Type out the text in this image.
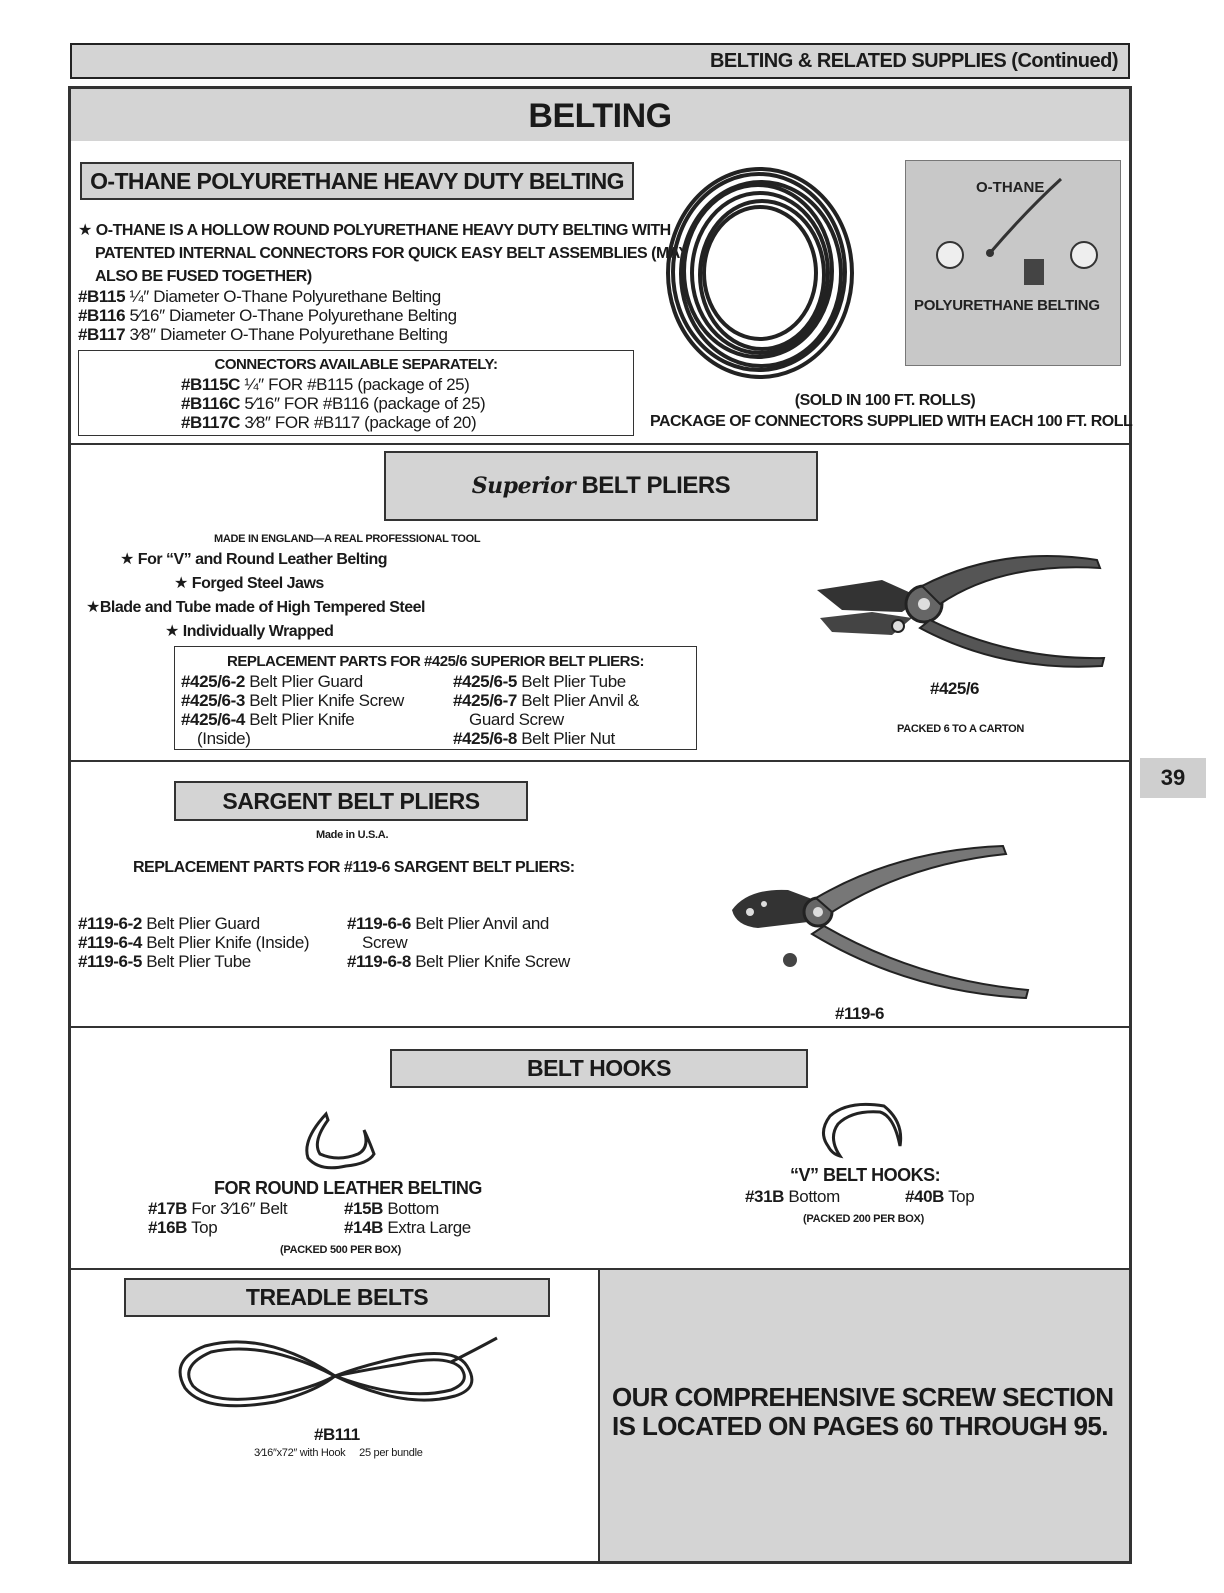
BELTING & RELATED SUPPLIES (Continued)
39
BELTING
O-THANE POLYURETHANE HEAVY DUTY BELTING
★ O-THANE IS A HOLLOW ROUND POLYURETHANE HEAVY DUTY BELTING WITH
PATENTED INTERNAL CONNECTORS FOR QUICK EASY BELT ASSEMBLIES (MAY
ALSO BE FUSED TOGETHER)
#B115 ¼″ Diameter O-Thane Polyurethane Belting
#B116 5⁄16″ Diameter O-Thane Polyurethane Belting
#B117 3⁄8″ Diameter O-Thane Polyurethane Belting
CONNECTORS AVAILABLE SEPARATELY:
#B115C ¼″ FOR #B115 (package of 25)
#B116C 5⁄16″ FOR #B116 (package of 25)
#B117C 3⁄8″ FOR #B117 (package of 20)
O-THANE
POLYURETHANE BELTING
(SOLD IN 100 FT. ROLLS)
PACKAGE OF CONNECTORS SUPPLIED WITH EACH 100 FT. ROLL
Superior BELT PLIERS
MADE IN ENGLAND—A REAL PROFESSIONAL TOOL
★ For “V” and Round Leather Belting
★ Forged Steel Jaws
★Blade and Tube made of High Tempered Steel
★ Individually Wrapped
REPLACEMENT PARTS FOR #425/6 SUPERIOR BELT PLIERS:
#425/6-2 Belt Plier Guard
#425/6-3 Belt Plier Knife Screw
#425/6-4 Belt Plier Knife
(Inside)
#425/6-5 Belt Plier Tube
#425/6-7 Belt Plier Anvil &
Guard Screw
#425/6-8 Belt Plier Nut
#425/6
PACKED 6 TO A CARTON
SARGENT BELT PLIERS
Made in U.S.A.
REPLACEMENT PARTS FOR #119-6 SARGENT BELT PLIERS:
#119-6-2 Belt Plier Guard
#119-6-4 Belt Plier Knife (Inside)
#119-6-5 Belt Plier Tube
#119-6-6 Belt Plier Anvil and
Screw
#119-6-8 Belt Plier Knife Screw
#119-6
BELT HOOKS
FOR ROUND LEATHER BELTING
#17B For 3⁄16″ Belt
#16B Top
#15B Bottom
#14B Extra Large
(PACKED 500 PER BOX)
“V” BELT HOOKS:
#31B Bottom	#40B Top
(PACKED 200 PER BOX)
TREADLE BELTS
#B111
3⁄16″x72″ with Hook     25 per bundle
OUR COMPREHENSIVE SCREW SECTION
IS LOCATED ON PAGES 60 THROUGH 95.
